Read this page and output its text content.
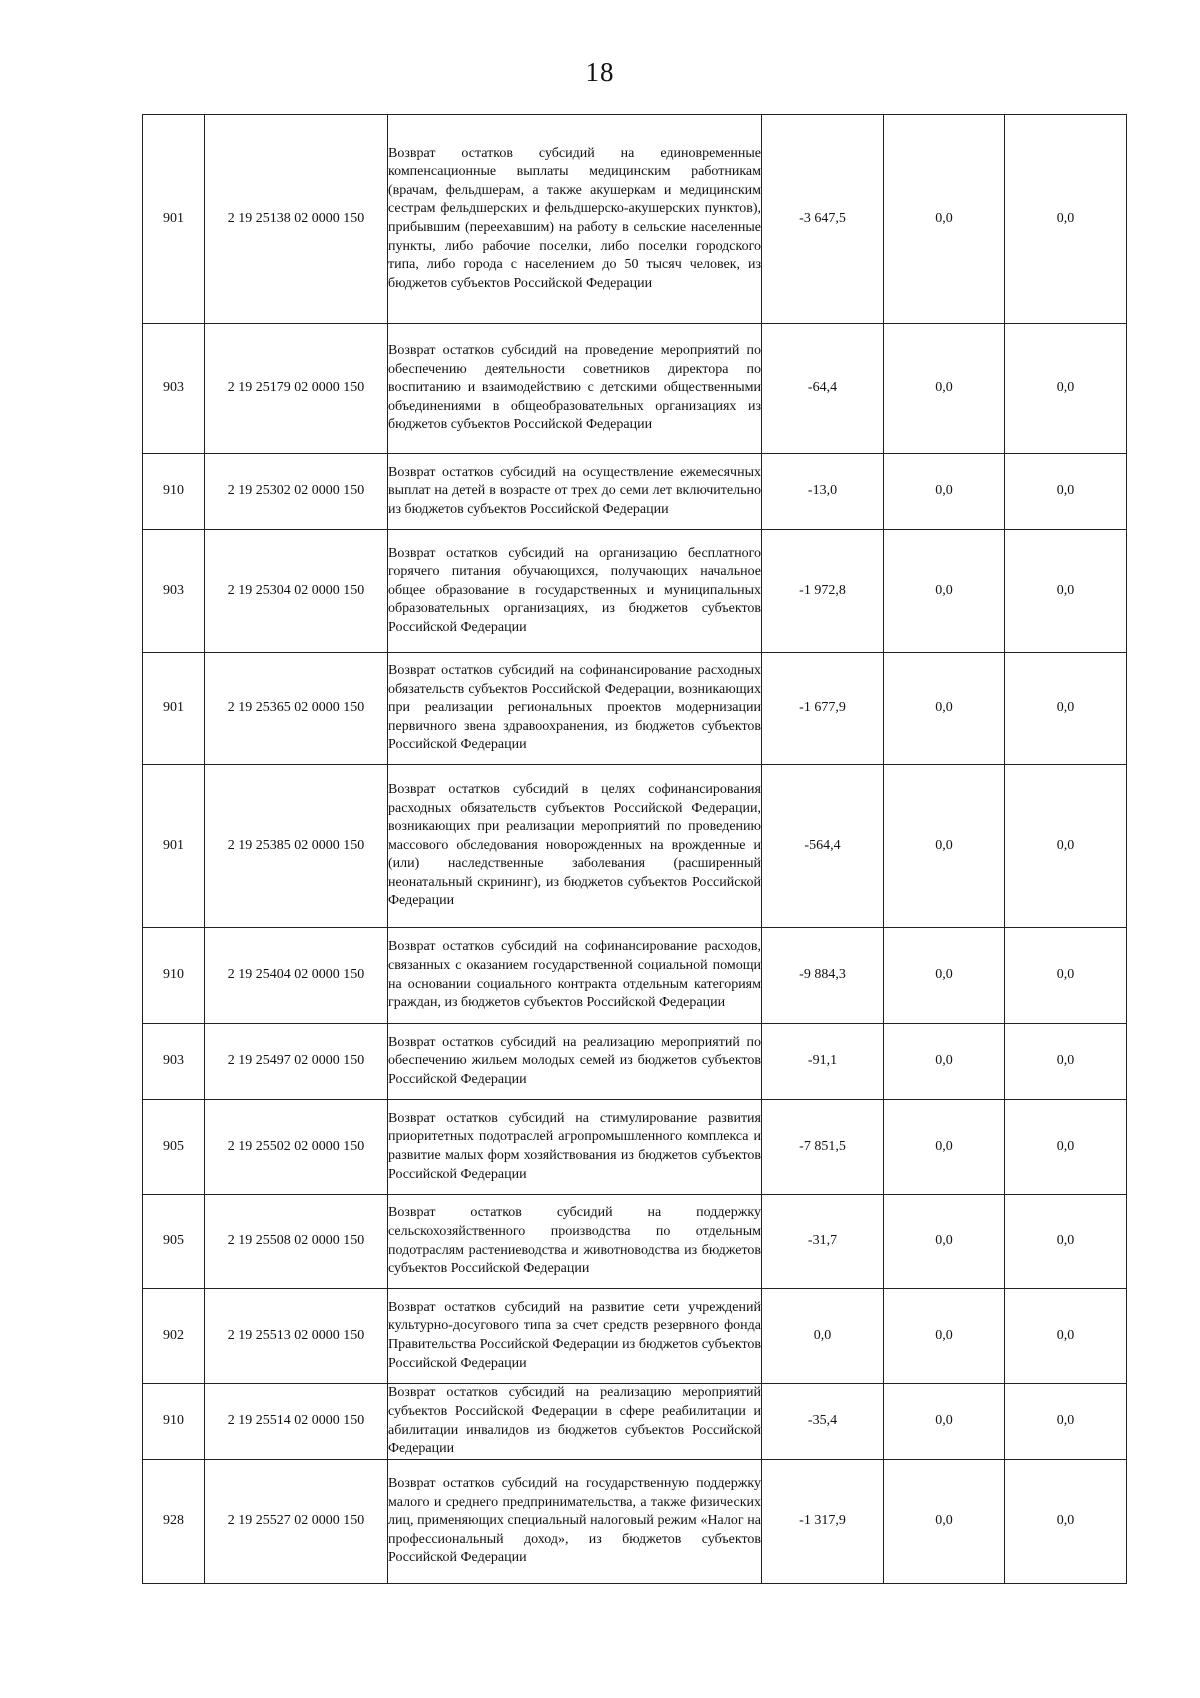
18
901	2 19 25138 02 0000 150	Возврат остатков субсидий на единовременные компенсационные выплаты медицинским работникам (врачам, фельдшерам, а также акушеркам и медицинским сестрам фельдшерских и фельдшерско-акушерских пунктов), прибывшим (переехавшим) на работу в сельские населенные пункты, либо рабочие поселки, либо поселки городского типа, либо города с населением до 50 тысяч человек, из бюджетов субъектов Российской Федерации	-3 647,5	0,0	0,0
903	2 19 25179 02 0000 150	Возврат остатков субсидий на проведение мероприятий по обеспечению деятельности советников директора по воспитанию и взаимодействию с детскими общественными объединениями в общеобразовательных организациях из бюджетов субъектов Российской Федерации	-64,4	0,0	0,0
910	2 19 25302 02 0000 150	Возврат остатков субсидий на осуществление ежемесячных выплат на детей в возрасте от трех до семи лет включительно из бюджетов субъектов Российской Федерации	-13,0	0,0	0,0
903	2 19 25304 02 0000 150	Возврат остатков субсидий на организацию бесплатного горячего питания обучающихся, получающих начальное общее образование в государственных и муниципальных образовательных организациях, из бюджетов субъектов Российской Федерации	-1 972,8	0,0	0,0
901	2 19 25365 02 0000 150	Возврат остатков субсидий на софинансирование расходных обязательств субъектов Российской Федерации, возникающих при реализации региональных проектов модернизации первичного звена здравоохранения, из бюджетов субъектов Российской Федерации	-1 677,9	0,0	0,0
901	2 19 25385 02 0000 150	Возврат остатков субсидий в целях софинансирования расходных обязательств субъектов Российской Федерации, возникающих при реализации мероприятий по проведению массового обследования новорожденных на врожденные и (или) наследственные заболевания (расширенный неонатальный скрининг), из бюджетов субъектов Российской Федерации	-564,4	0,0	0,0
910	2 19 25404 02 0000 150	Возврат остатков субсидий на софинансирование расходов, связанных с оказанием государственной социальной помощи на основании социального контракта отдельным категориям граждан, из бюджетов субъектов Российской Федерации	-9 884,3	0,0	0,0
903	2 19 25497 02 0000 150	Возврат остатков субсидий на реализацию мероприятий по обеспечению жильем молодых семей из бюджетов субъектов Российской Федерации	-91,1	0,0	0,0
905	2 19 25502 02 0000 150	Возврат остатков субсидий на стимулирование развития приоритетных подотраслей агропромышленного комплекса и развитие малых форм хозяйствования из бюджетов субъектов Российской Федерации	-7 851,5	0,0	0,0
905	2 19 25508 02 0000 150	Возврат остатков субсидий на поддержку сельскохозяйственного производства по отдельным подотраслям растениеводства и животноводства из бюджетов субъектов Российской Федерации	-31,7	0,0	0,0
902	2 19 25513 02 0000 150	Возврат остатков субсидий на развитие сети учреждений культурно-досугового типа за счет средств резервного фонда Правительства Российской Федерации из бюджетов субъектов Российской Федерации	0,0	0,0	0,0
910	2 19 25514 02 0000 150	Возврат остатков субсидий на реализацию мероприятий субъектов Российской Федерации в сфере реабилитации и абилитации инвалидов из бюджетов субъектов Российской Федерации	-35,4	0,0	0,0
928	2 19 25527 02 0000 150	Возврат остатков субсидий на государственную поддержку малого и среднего предпринимательства, а также физических лиц, применяющих специальный налоговый режим «Налог на профессиональный доход», из бюджетов субъектов Российской Федерации	-1 317,9	0,0	0,0
